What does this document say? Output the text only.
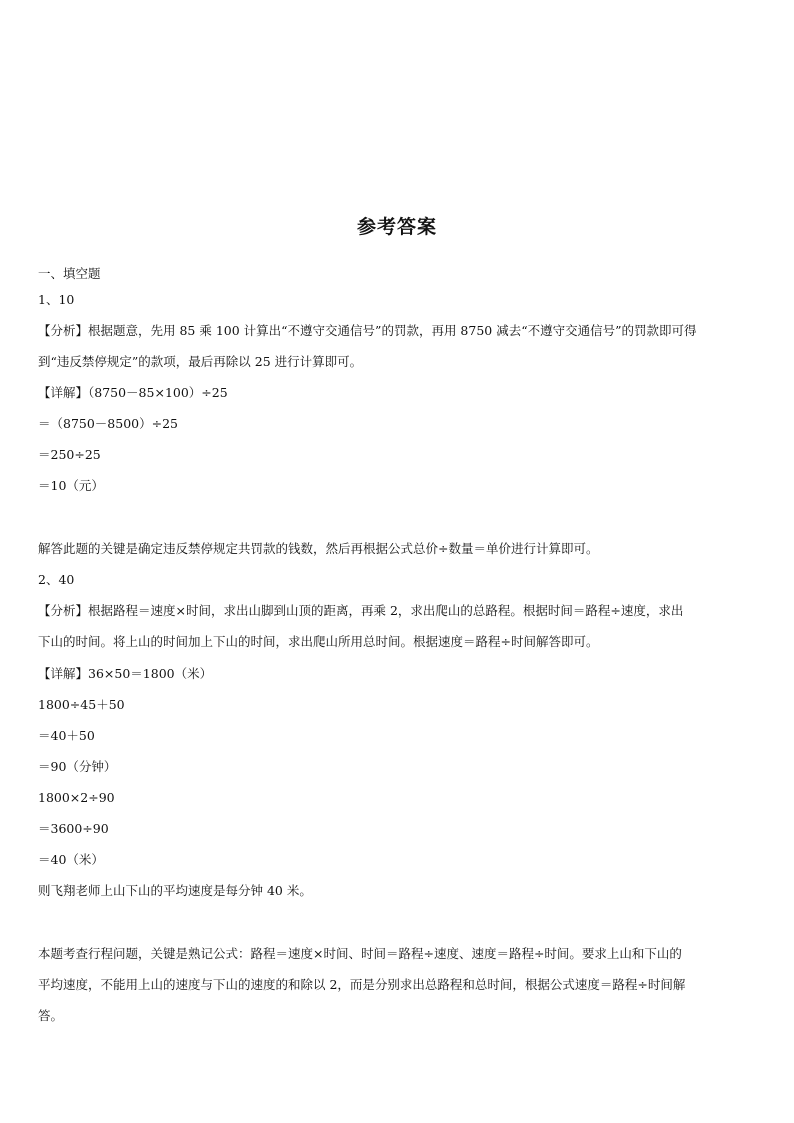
参考答案
一、填空题
1、10
【分析】根据题意，先用 85 乘 100 计算出“不遵守交通信号”的罚款，再用 8750 减去“不遵守交通信号”的罚款即可得
到“违反禁停规定”的款项，最后再除以 25 进行计算即可。
【详解】（8750－85×100）÷25
＝（8750－8500）÷25
＝250÷25
＝10（元）
解答此题的关键是确定违反禁停规定共罚款的钱数，然后再根据公式总价÷数量＝单价进行计算即可。
2、40
【分析】根据路程＝速度×时间，求出山脚到山顶的距离，再乘 2，求出爬山的总路程。根据时间＝路程÷速度，求出
下山的时间。将上山的时间加上下山的时间，求出爬山所用总时间。根据速度＝路程÷时间解答即可。
【详解】36×50＝1800（米）
1800÷45＋50
＝40＋50
＝90（分钟）
1800×2÷90
＝3600÷90
＝40（米）
则飞翔老师上山下山的平均速度是每分钟 40 米。
本题考查行程问题，关键是熟记公式：路程＝速度×时间、时间＝路程÷速度、速度＝路程÷时间。要求上山和下山的
平均速度，不能用上山的速度与下山的速度的和除以 2，而是分别求出总路程和总时间，根据公式速度＝路程÷时间解
答。
